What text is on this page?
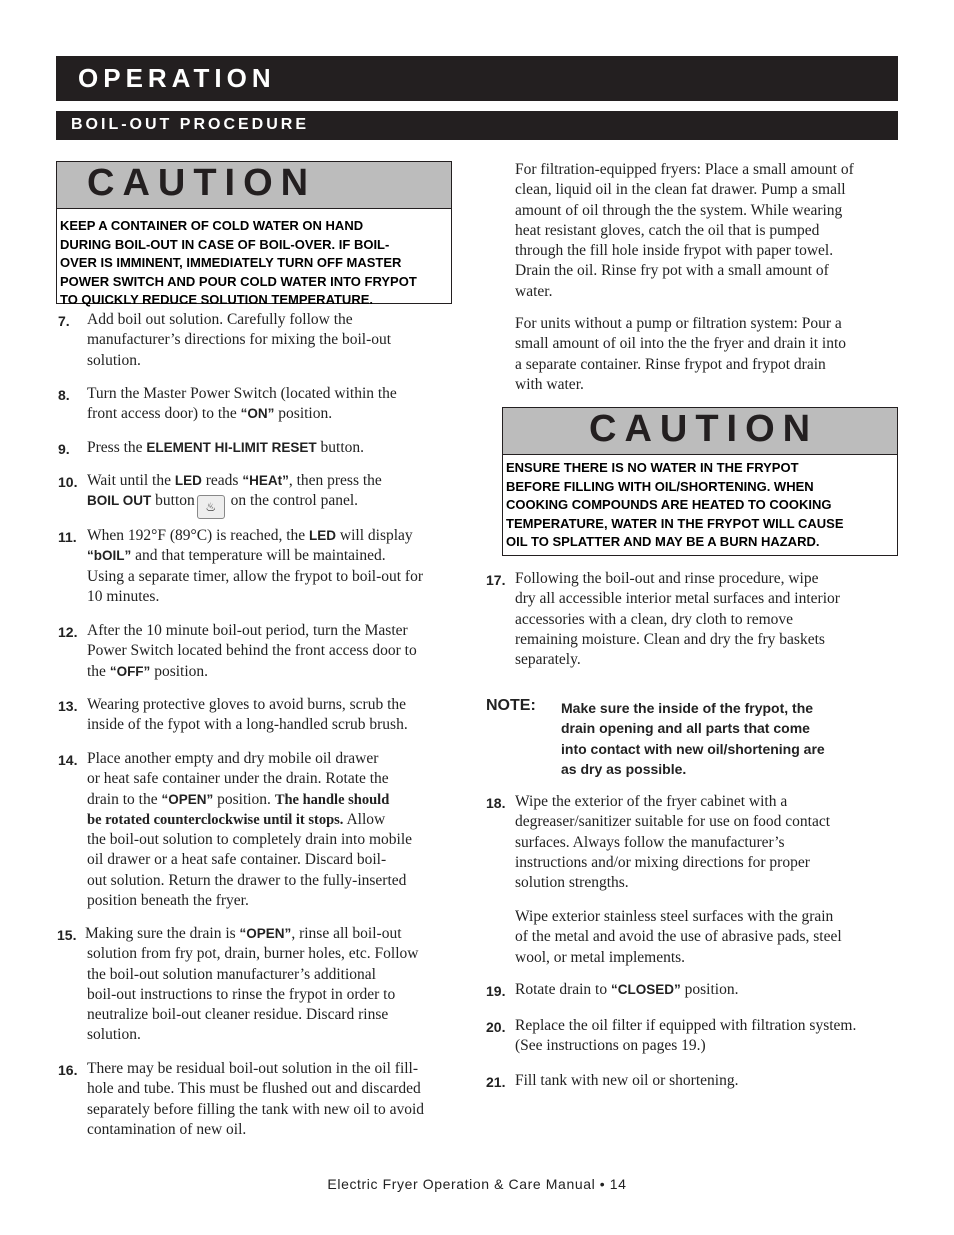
OPERATION
BOIL-OUT PROCEDURE
CAUTION
KEEP A CONTAINER OF COLD WATER ON HAND
DURING BOIL-OUT IN CASE OF BOIL-OVER. IF BOIL-
OVER IS IMMINENT, IMMEDIATELY TURN OFF MASTER
POWER SWITCH AND POUR COLD WATER INTO FRYPOT
TO QUICKLY REDUCE SOLUTION TEMPERATURE.
7. Add boil out solution. Carefully follow the
manufacturer’s directions for mixing the boil-out
solution.
8. Turn the Master Power Switch (located within the
front access door) to the “ON” position.
9. Press the ELEMENT HI-LIMIT RESET button.
10. Wait until the LED reads “HEAt”, then press the
BOIL OUT button ♨ on the control panel.
11. When 192°F (89°C) is reached, the LED will display
“bOIL” and that temperature will be maintained.
Using a separate timer, allow the frypot to boil-out for
10 minutes.
12. After the 10 minute boil-out period, turn the Master
Power Switch located behind the front access door to
the “OFF” position.
13. Wearing protective gloves to avoid burns, scrub the
inside of the fypot with a long-handled scrub brush.
14. Place another empty and dry mobile oil drawer
or heat safe container under the drain. Rotate the
drain to the “OPEN” position. The handle should
be rotated counterclockwise until it stops. Allow
the boil-out solution to completely drain into mobile
oil drawer or a heat safe container. Discard boil-
out solution. Return the drawer to the fully-inserted
position beneath the fryer.
15. Making sure the drain is “OPEN”, rinse all boil-out
solution from fry pot, drain, burner holes, etc. Follow
the boil-out solution manufacturer’s additional
boil-out instructions to rinse the frypot in order to
neutralize boil-out cleaner residue. Discard rinse
solution.
16. There may be residual boil-out solution in the oil fill-
hole and tube. This must be flushed out and discarded
separately before filling the tank with new oil to avoid
contamination of new oil.
For filtration-equipped fryers: Place a small amount of
clean, liquid oil in the clean fat drawer. Pump a small
amount of oil through the the system. While wearing
heat resistant gloves, catch the oil that is pumped
through the fill hole inside frypot with paper towel.
Drain the oil. Rinse fry pot with a small amount of
water.
For units without a pump or filtration system: Pour a
small amount of oil into the the fryer and drain it into
a separate container. Rinse frypot and frypot drain
with water.
CAUTION
ENSURE THERE IS NO WATER IN THE FRYPOT
BEFORE FILLING WITH OIL/SHORTENING. WHEN
COOKING COMPOUNDS ARE HEATED TO COOKING
TEMPERATURE, WATER IN THE FRYPOT WILL CAUSE
OIL TO SPLATTER AND MAY BE A BURN HAZARD.
17. Following the boil-out and rinse procedure, wipe
dry all accessible interior metal surfaces and interior
accessories with a clean, dry cloth to remove
remaining moisture. Clean and dry the fry baskets
separately.
NOTE: Make sure the inside of the frypot, the
drain opening and all parts that come
into contact with new oil/shortening are
as dry as possible.
18. Wipe the exterior of the fryer cabinet with a
degreaser/sanitizer suitable for use on food contact
surfaces. Always follow the manufacturer’s
instructions and/or mixing directions for proper
solution strengths.
Wipe exterior stainless steel surfaces with the grain
of the metal and avoid the use of abrasive pads, steel
wool, or metal implements.
19. Rotate drain to “CLOSED” position.
20. Replace the oil filter if equipped with filtration system.
(See instructions on pages 19.)
21. Fill tank with new oil or shortening.
Electric Fryer Operation & Care Manual • 14
